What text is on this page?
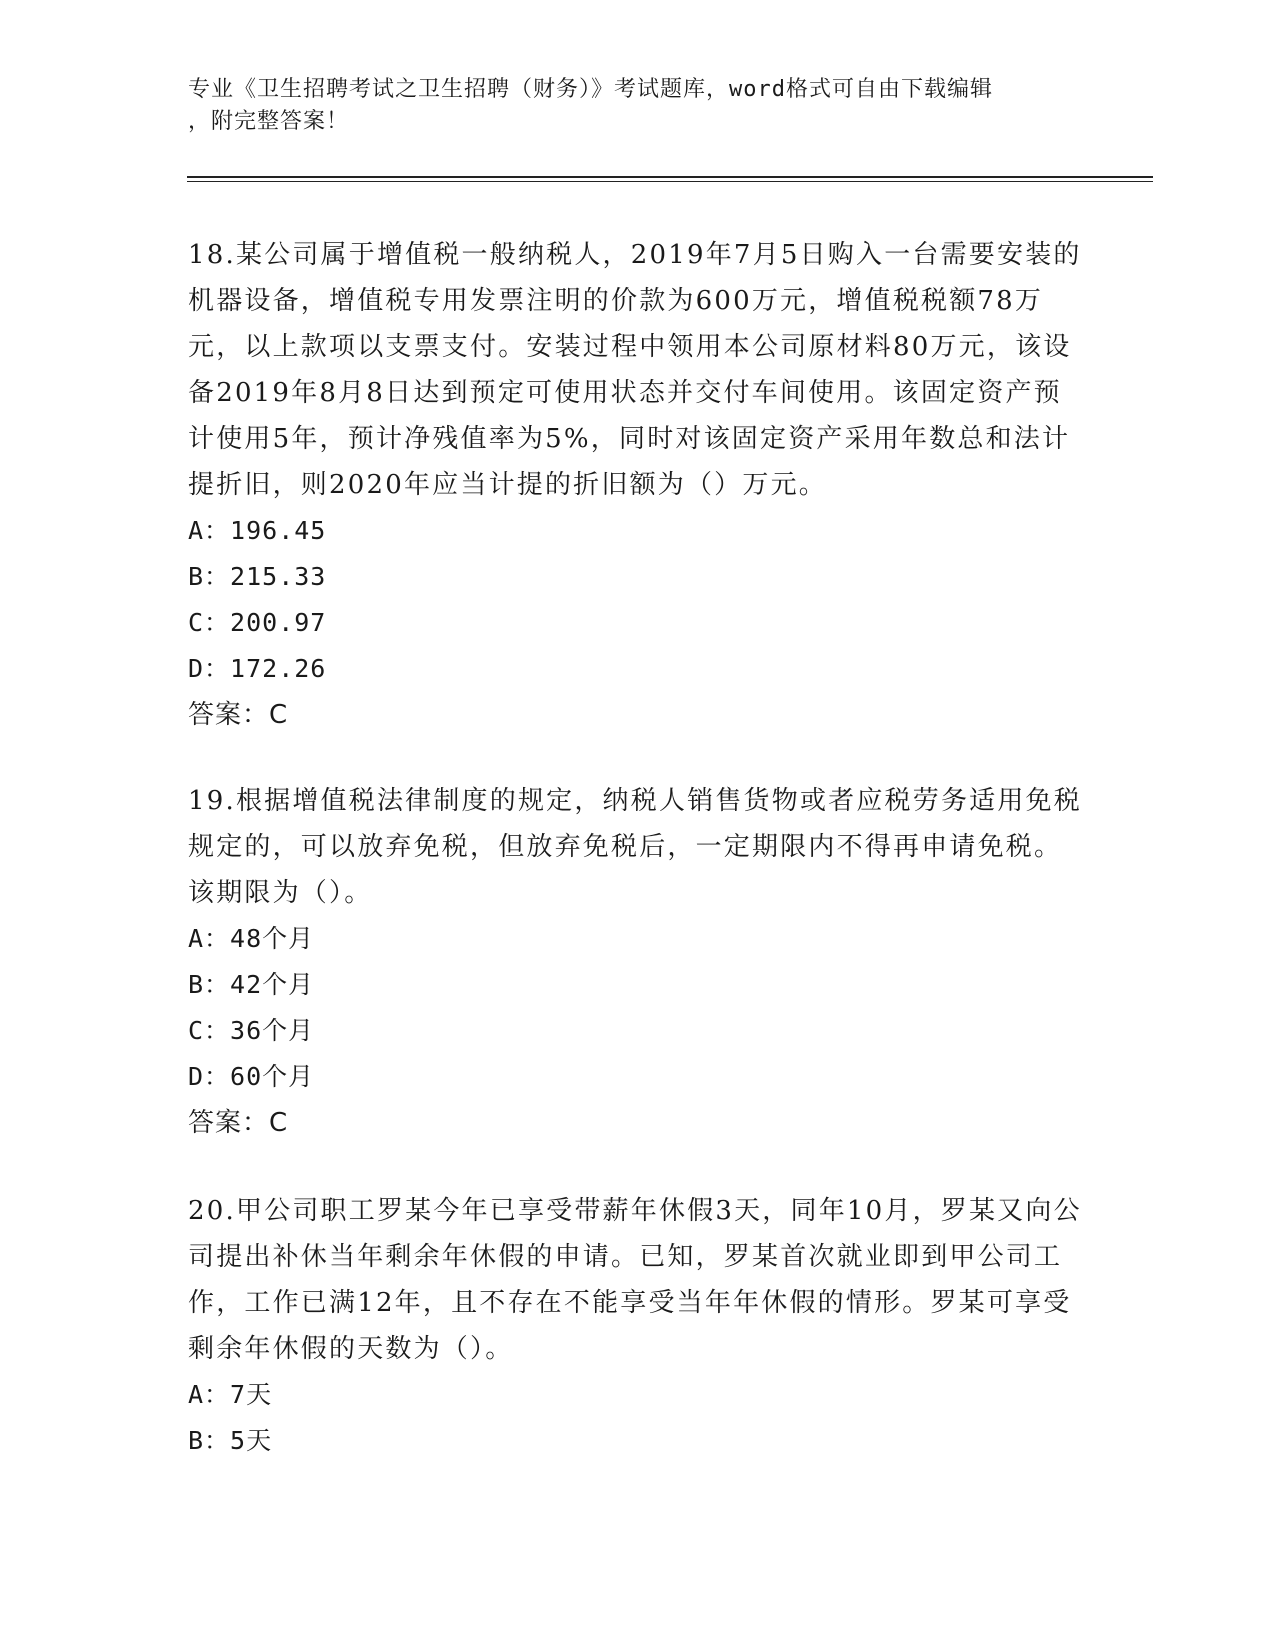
专业《卫生招聘考试之卫生招聘（财务）》考试题库，word格式可自由下载编辑
，附完整答案！

18.某公司属于增值税一般纳税人，2019年7月5日购入一台需要安装的机器设备，增值税专用发票注明的价款为600万元，增值税税额78万元，以上款项以支票支付。安装过程中领用本公司原材料80万元，该设备2019年8月8日达到预定可使用状态并交付车间使用。该固定资产预计使用5年，预计净残值率为5%，同时对该固定资产采用年数总和法计提折旧，则2020年应当计提的折旧额为（）万元。

A：196.45
B：215.33
C：200.97
D：172.26
答案：C

19.根据增值税法律制度的规定，纳税人销售货物或者应税劳务适用免税规定的，可以放弃免税，但放弃免税后，一定期限内不得再申请免税。该期限为（）。

A：48个月
B：42个月
C：36个月
D：60个月
答案：C

20.甲公司职工罗某今年已享受带薪年休假3天，同年10月，罗某又向公司提出补休当年剩余年休假的申请。已知，罗某首次就业即到甲公司工作，工作已满12年，且不存在不能享受当年年休假的情形。罗某可享受剩余年休假的天数为（）。

A：7天
B：5天
